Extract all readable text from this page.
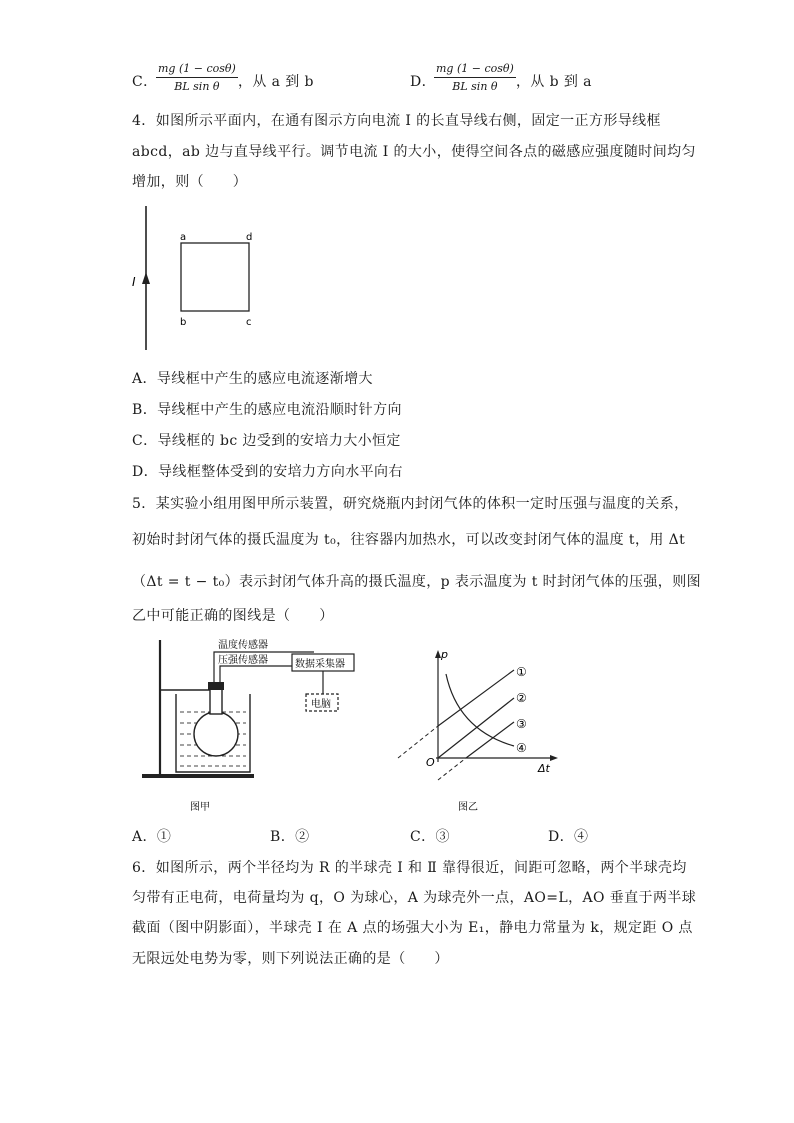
C．
$\frac{mg (1 - \cos\theta)}{\text{BL sin θ}}$ ，从 a 到 b	D．
$\frac{mg (1 - \cos\theta)}{\text{BL sin θ}}$ ，从 b 到 a
4．如图所示平面内，在通有图示方向电流 I 的长直导线右侧，固定一正方形导线框
abcd，ab 边与直导线平行。调节电流 I 的大小，使得空间各点的磁感应强度随时间均匀
增加，则（　　）
I
a	d
b	c
A．导线框中产生的感应电流逐渐增大
B．导线框中产生的感应电流沿顺时针方向
C．导线框的 bc 边受到的安培力大小恒定
D．导线框整体受到的安培力方向水平向右
5．某实验小组用图甲所示装置，研究烧瓶内封闭气体的体积一定时压强与温度的关系，
初始时封闭气体的摄氏温度为 t₀，往容器内加热水，可以改变封闭气体的温度 t，用 Δt
（Δt = t − t₀）表示封闭气体升高的摄氏温度，p 表示温度为 t 时封闭气体的压强，则图
乙中可能正确的图线是（　　）
温度传感器
压强传感器	数据采集器
电脑
图甲
p
Δt
O
①
②
③
④
图乙
A．①	B．②	C．③	D．④
6．如图所示，两个半径均为 R 的半球壳 Ⅰ 和 Ⅱ 靠得很近，间距可忽略，两个半球壳均
匀带有正电荷，电荷量均为 q，O 为球心，A 为球壳外一点，AO=L，AO 垂直于两半球
截面（图中阴影面），半球壳 Ⅰ 在 A 点的场强大小为 E₁，静电力常量为 k，规定距 O 点
无限远处电势为零，则下列说法正确的是（　　）
